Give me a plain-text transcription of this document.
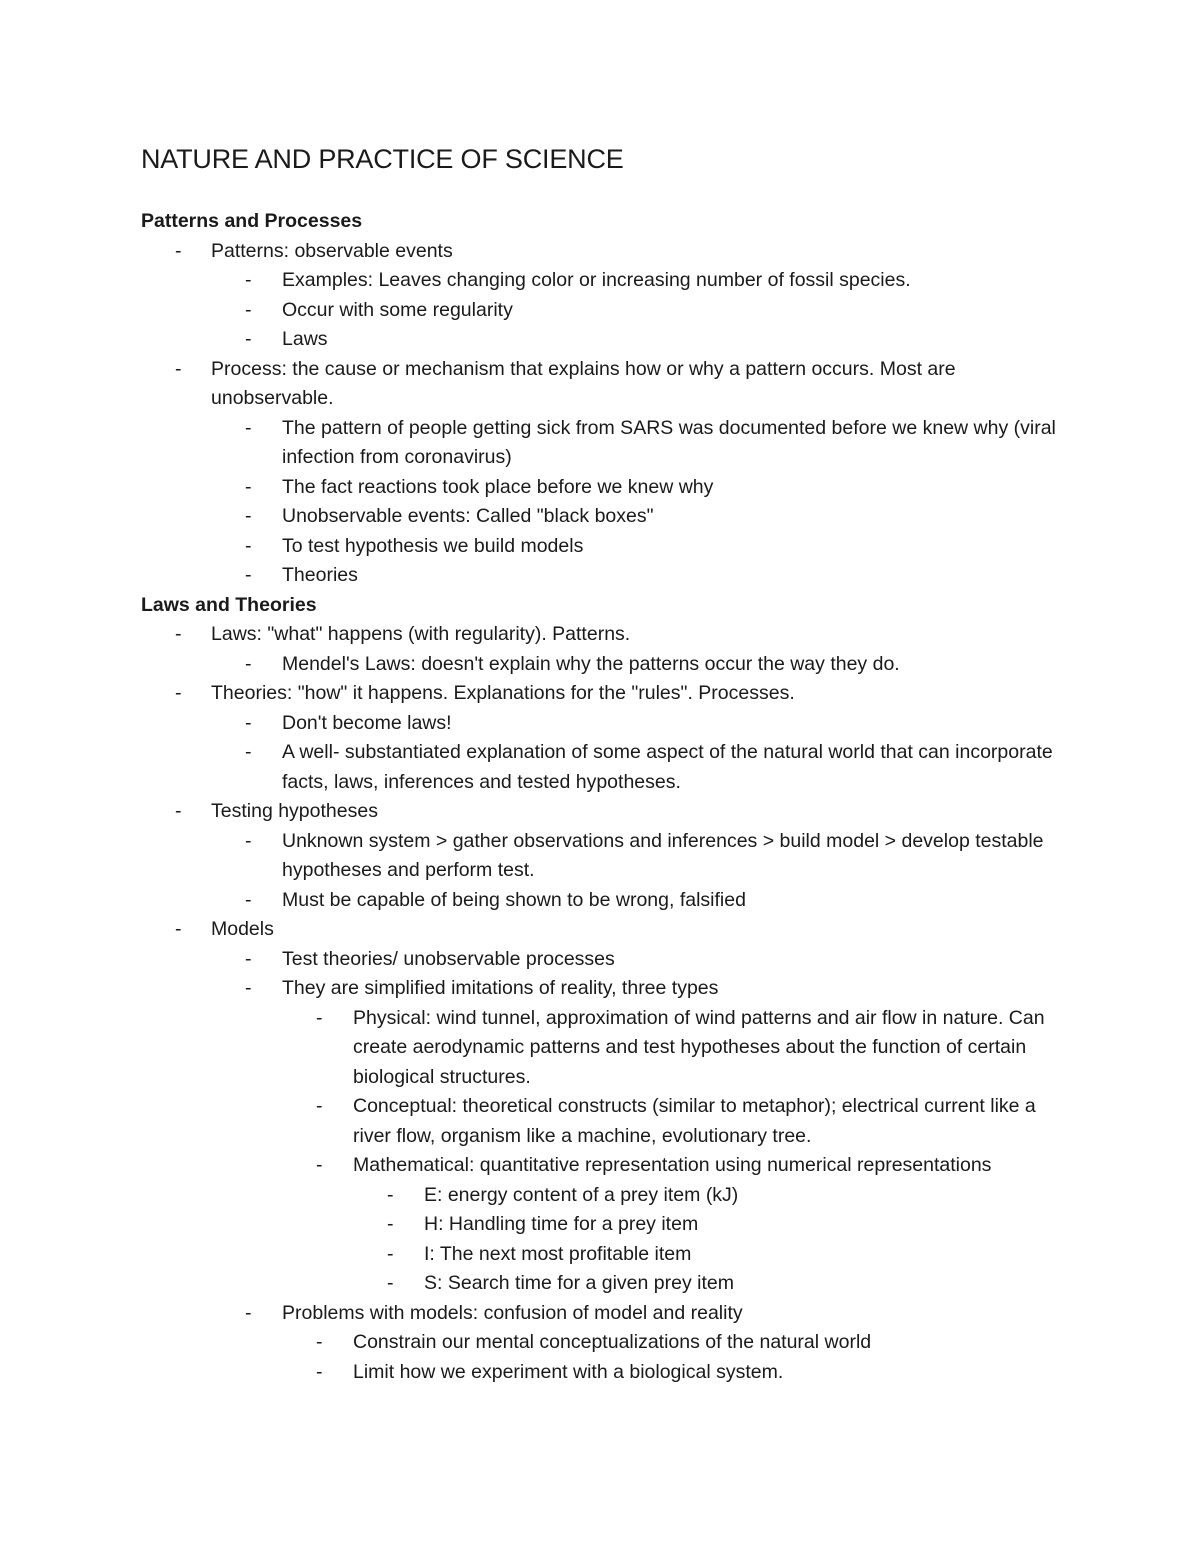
NATURE AND PRACTICE OF SCIENCE
Patterns and Processes
- Patterns: observable events
- Examples: Leaves changing color or increasing number of fossil species.
- Occur with some regularity
- Laws
- Process: the cause or mechanism that explains how or why a pattern occurs. Most are unobservable.
- The pattern of people getting sick from SARS was documented before we knew why (viral infection from coronavirus)
- The fact reactions took place before we knew why
- Unobservable events: Called "black boxes"
- To test hypothesis we build models
- Theories
Laws and Theories
- Laws: "what" happens (with regularity). Patterns.
- Mendel's Laws: doesn't explain why the patterns occur the way they do.
- Theories: "how" it happens. Explanations for the "rules". Processes.
- Don't become laws!
- A well- substantiated explanation of some aspect of the natural world that can incorporate facts, laws, inferences and tested hypotheses.
- Testing hypotheses
- Unknown system > gather observations and inferences > build model > develop testable hypotheses and perform test.
- Must be capable of being shown to be wrong, falsified
- Models
- Test theories/ unobservable processes
- They are simplified imitations of reality, three types
- Physical: wind tunnel, approximation of wind patterns and air flow in nature. Can create aerodynamic patterns and test hypotheses about the function of certain biological structures.
- Conceptual: theoretical constructs (similar to metaphor); electrical current like a river flow, organism like a machine, evolutionary tree.
- Mathematical: quantitative representation using numerical representations
- E: energy content of a prey item (kJ)
- H: Handling time for a prey item
- I: The next most profitable item
- S: Search time for a given prey item
- Problems with models: confusion of model and reality
- Constrain our mental conceptualizations of the natural world
- Limit how we experiment with a biological system.
